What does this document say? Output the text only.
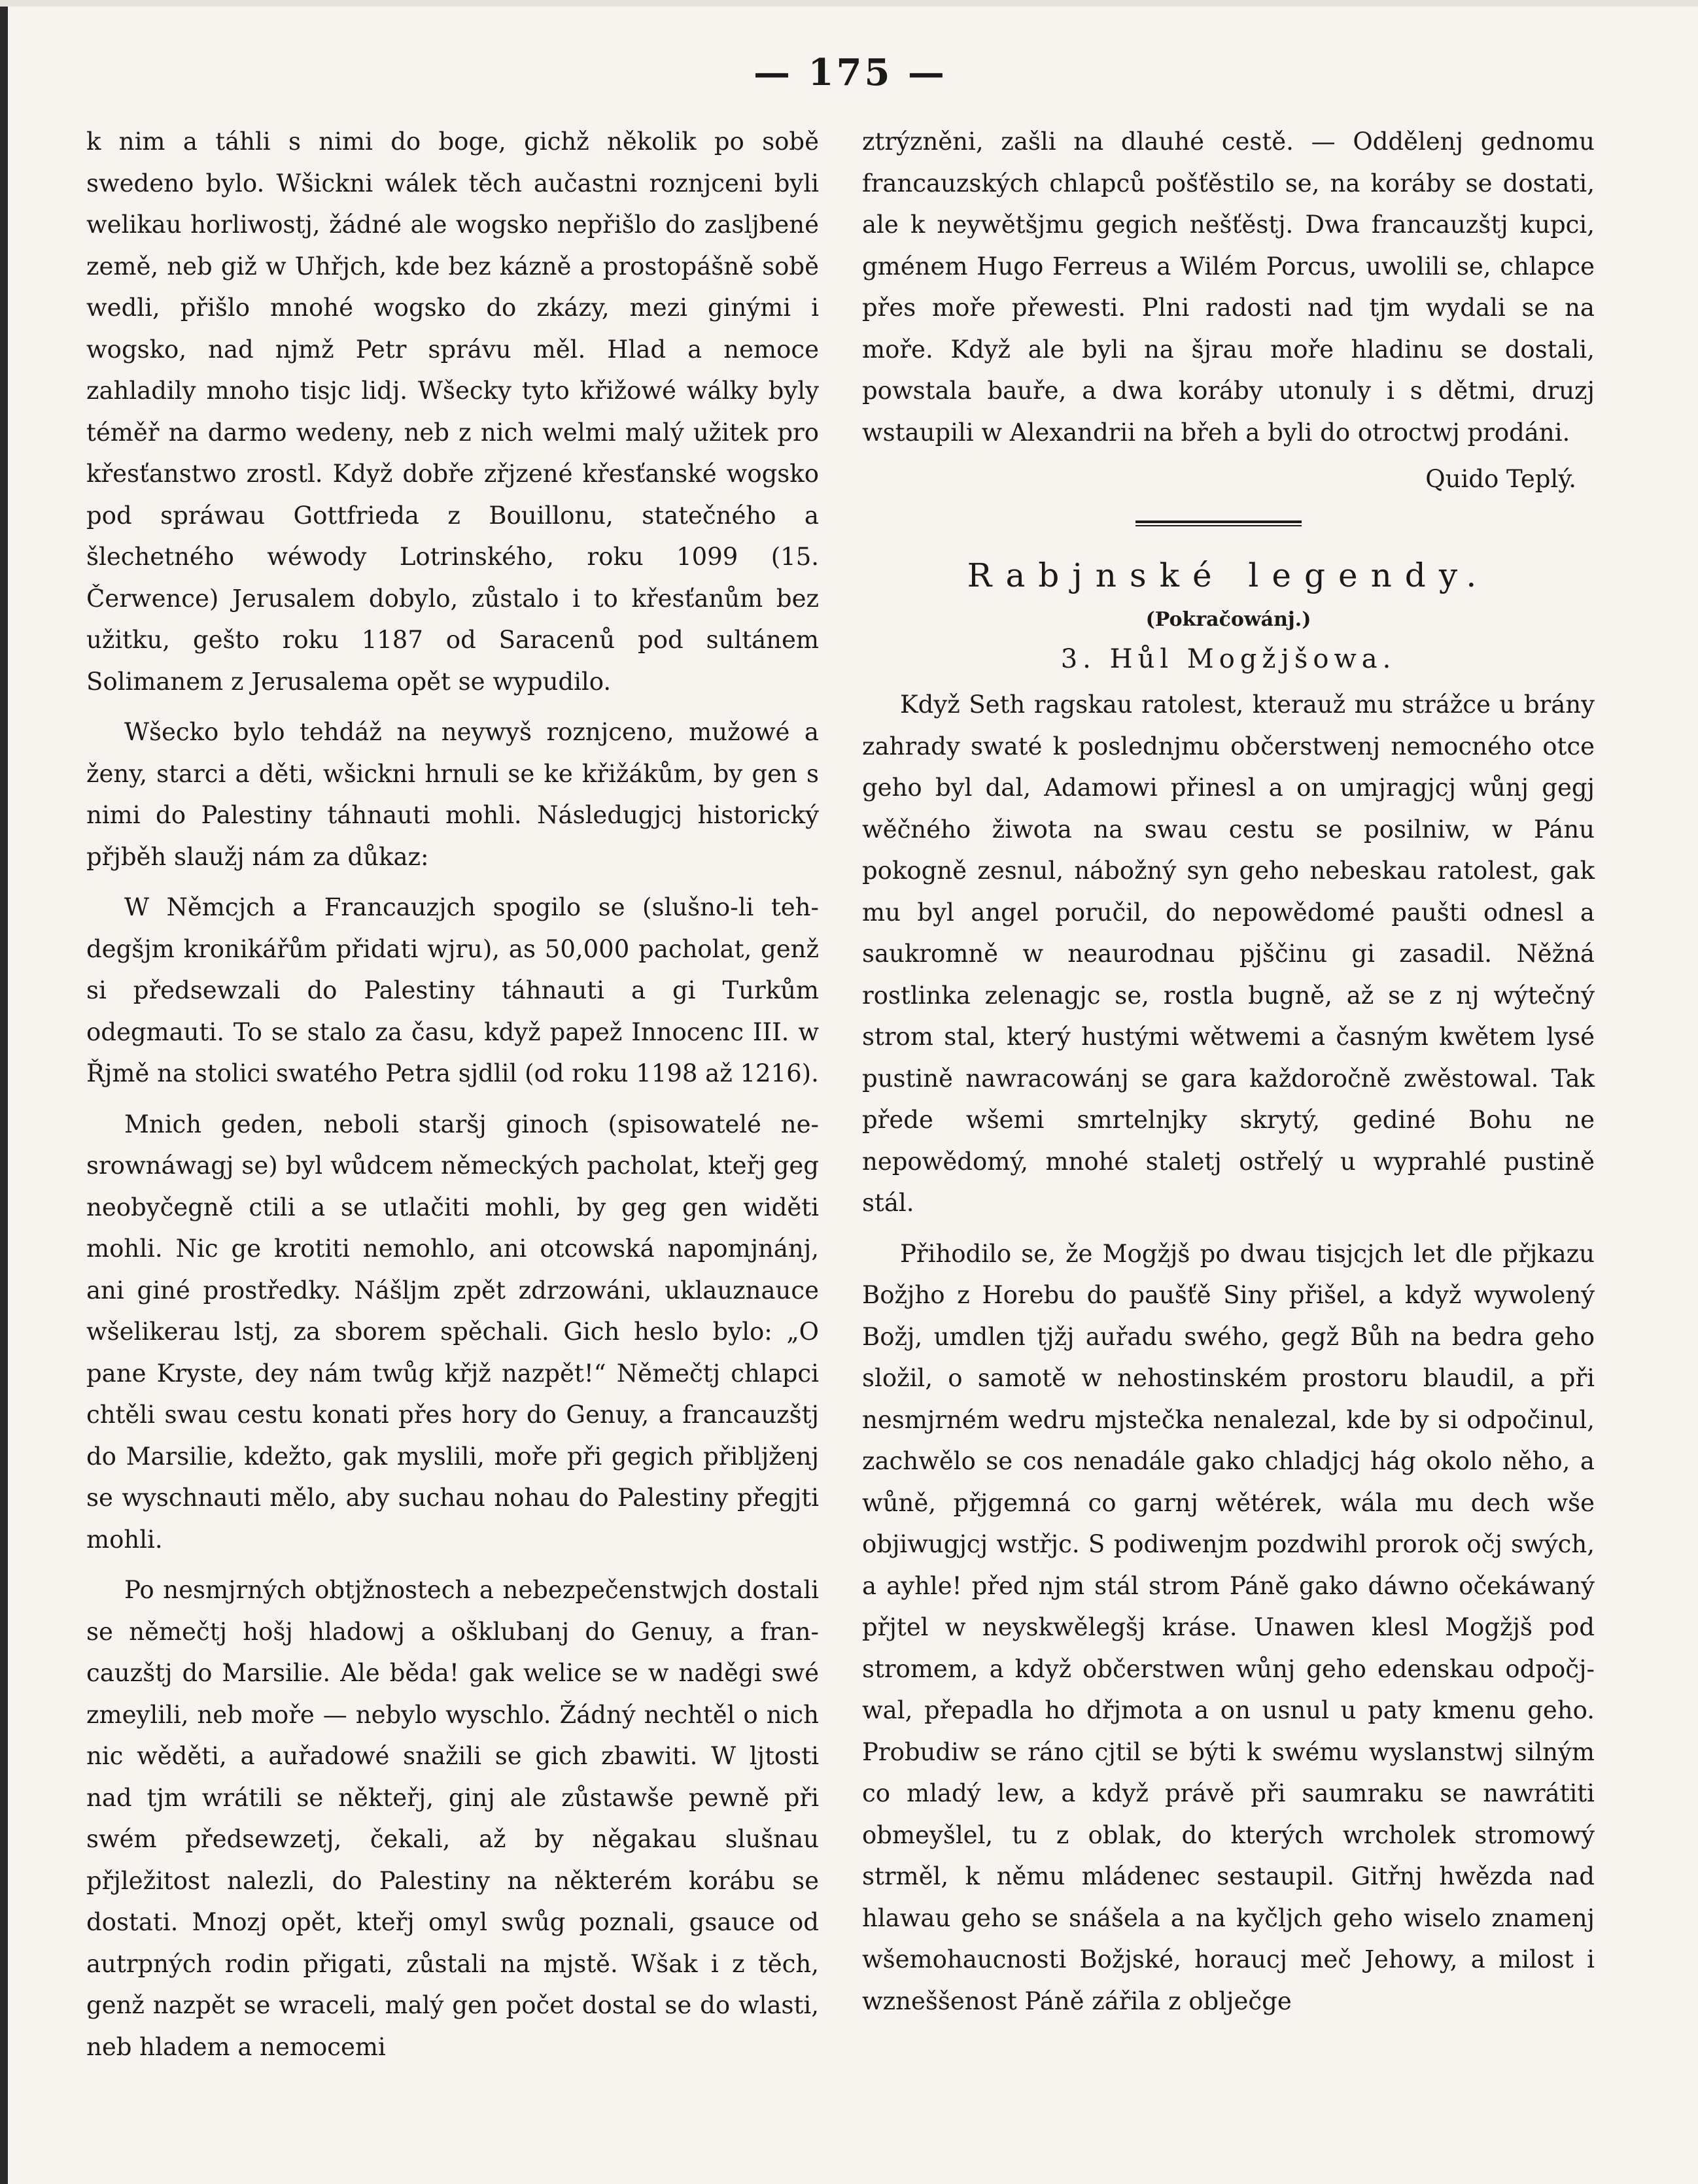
— 175 —

k nim a táhli s nimi do boge, gichž několik po sobě swedeno bylo. Wšickni wálek těch aučastni roznjceni byli welikau horliwostj, žádné ale wogsko nepřišlo do zasljbené země, neb giž w Uhřjch, kde bez kázně a prostopášně sobě wedli, přišlo mnohé wogsko do zkázy, mezi ginými i wogsko, nad njmž Petr správu měl. Hlad a nemoce zahladily mnoho tisjc lidj. Wšecky tyto křižowé wálky byly téměř na darmo wedeny, neb z nich welmi malý užitek pro křesťanstwo zrostl. Když dobře zřjzené křesťanské wogsko pod spráwau Gottfrieda z Bouillonu, statečného a šlechetného wéwody Lotrinského, roku 1099 (15. Čerwence) Jerusalem dobylo, zůstalo i to křesťanům bez užitku, gešto roku 1187 od Saracenů pod sultánem Solimanem z Jerusalema opět se wypudilo.

Wšecko bylo tehdáž na neywyš roznjceno, mužowé a ženy, starci a děti, wšickni hrnuli se ke křižákům, by gen s nimi do Palestiny táhnauti mohli. Následugjcj historický přjběh slaužj nám za důkaz:

W Němcjch a Francauzjch spogilo se (slušno-li tehdegšjm kronikářům přidati wjru), as 50,000 pacholat, genž si předsewzali do Palestiny táhnauti a gi Turkům odegmauti. To se stalo za času, když papež Innocenc III. w Řjmě na stolici swatého Petra sjdlil (od roku 1198 až 1216).

Mnich geden, neboli staršj ginoch (spisowatelé nesrownáwagj se) byl wůdcem německých pacholat, kteřj geg neobyčegně ctili a se utlačiti mohli, by geg gen widěti mohli. Nic ge krotiti nemohlo, ani otcowská napomjnánj, ani giné prostředky. Nášljm zpět zdrzowáni, uklauznauce wšelikerau lstj, za sborem spěchali. Gich heslo bylo: „O pane Kryste, dey nám twůg křjž nazpět!“ Němečtj chlapci chtěli swau cestu konati přes hory do Genuy, a francauzštj do Marsilie, kdežto, gak myslili, moře při gegich přibljženj se wyschnauti mělo, aby suchau nohau do Palestiny přegjti mohli.

Po nesmjrných obtjžnostech a nebezpečenstwjch dostali se němečtj hošj hladowj a ošklubanj do Genuy, a francauzštj do Marsilie. Ale běda! gak welice se w naděgi swé zmeylili, neb moře — nebylo wyschlo. Žádný nechtěl o nich nic wěděti, a auřadowé snažili se gich zbawiti. W ljtosti nad tjm wrátili se někteřj, ginj ale zůstawše pewně při swém předsewzetj, čekali, až by něgakau slušnau přjležitost nalezli, do Palestiny na některém korábu se dostati. Mnozj opět, kteřj omyl swůg poznali, gsauce od autrpných rodin přigati, zůstali na mjstě. Wšak i z těch, genž nazpět se wraceli, malý gen počet dostal se do wlasti, neb hladem a nemocemi

ztrýzněni, zašli na dlauhé cestě. — Oddělenj gednomu francauzských chlapců pošťěstilo se, na koráby se dostati, ale k neywětšjmu gegich nešťěstj. Dwa francauzštj kupci, gménem Hugo Ferreus a Wilém Porcus, uwolili se, chlapce přes moře přewesti. Plni radosti nad tjm wydali se na moře. Když ale byli na šjrau moře hladinu se dostali, powstala bauře, a dwa koráby utonuly i s dětmi, druzj wstaupili w Alexandrii na břeh a byli do otroctwj prodáni.

Quido Teplý.
Rabjnské legendy.
(Pokračowánj.)
3. Hůl Mogžjšowa.

Když Seth ragskau ratolest, kterauž mu strážce u brány zahrady swaté k poslednjmu občerstwenj nemocného otce geho byl dal, Adamowi přinesl a on umjragjcj wůnj gegj wěčného žiwota na swau cestu se posilniw, w Pánu pokogně zesnul, nábožný syn geho nebeskau ratolest, gak mu byl angel poručil, do nepowědomé paušti odnesl a saukromně w neaurodnau pjščinu gi zasadil. Něžná rostlinka zelenagjc se, rostla bugně, až se z nj wýtečný strom stal, který hustými wětwemi a časným kwětem lysé pustině nawracowánj se gara každoročně zwěstowal. Tak přede wšemi smrtelnjky skrytý, gediné Bohu ne nepowědomý, mnohé staletj ostřelý u wyprahlé pustině stál.

Přihodilo se, že Mogžjš po dwau tisjcjch let dle přjkazu Božjho z Horebu do paušťě Siny přišel, a když wywolený Božj, umdlen tjžj auřadu swého, gegž Bůh na bedra geho složil, o samotě w nehostinském prostoru blaudil, a při nesmjrném wedru mjstečka nenalezal, kde by si odpočinul, zachwělo se cos nenadále gako chladjcj hág okolo něho, a wůně, přjgemná co garnj wětérek, wála mu dech wše objiwugjcj wstřjc. S podiwenjm pozdwihl prorok očj swých, a ayhle! před njm stál strom Páně gako dáwno očekáwaný přjtel w neyskwělegšj kráse. Unawen klesl Mogžjš pod stromem, a když občerstwen wůnj geho edenskau odpočjwal, přepadla ho dřjmota a on usnul u paty kmenu geho. Probudiw se ráno cjtil se býti k swému wyslanstwj silným co mladý lew, a když právě při saumraku se nawrátiti obmeyšlel, tu z oblak, do kterých wrcholek stromowý strměl, k němu mládenec sestaupil. Gitřnj hwězda nad hlawau geho se snášela a na kyčljch geho wiselo znamenj wšemohaucnosti Božjské, horaucj meč Jehowy, a milost i wzneššenost Páně zářila z oblječge
